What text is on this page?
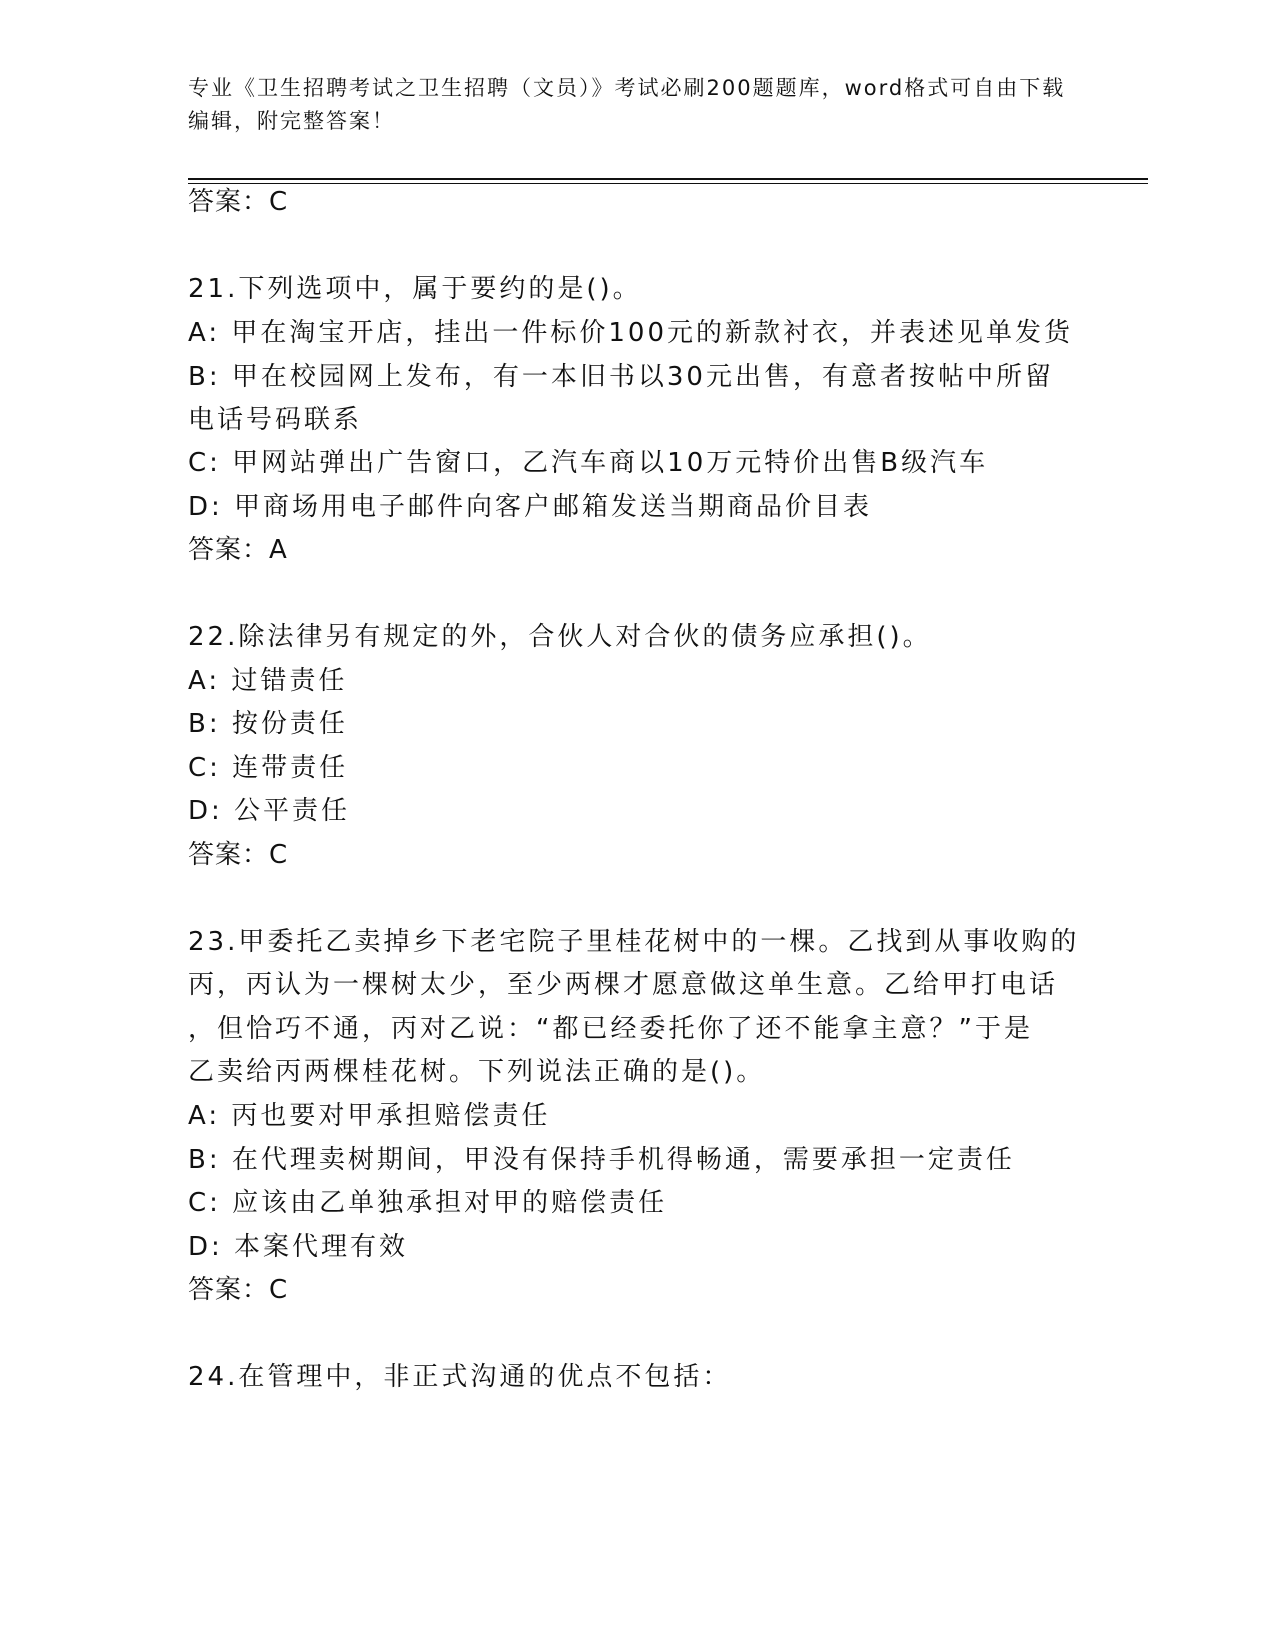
专业《卫生招聘考试之卫生招聘（文员）》考试必刷200题题库，word格式可自由下载编辑，附完整答案！
答案：C
21.下列选项中，属于要约的是()。
A: 甲在淘宝开店，挂出一件标价100元的新款衬衣，并表述见单发货
B: 甲在校园网上发布，有一本旧书以30元出售，有意者按帖中所留
电话号码联系
C: 甲网站弹出广告窗口，乙汽车商以10万元特价出售B级汽车
D: 甲商场用电子邮件向客户邮箱发送当期商品价目表
答案：A
22.除法律另有规定的外，合伙人对合伙的债务应承担()。
A: 过错责任
B: 按份责任
C: 连带责任
D: 公平责任
答案：C
23.甲委托乙卖掉乡下老宅院子里桂花树中的一棵。乙找到从事收购的
丙，丙认为一棵树太少，至少两棵才愿意做这单生意。乙给甲打电话
，但恰巧不通，丙对乙说：“都已经委托你了还不能拿主意？”于是
乙卖给丙两棵桂花树。下列说法正确的是()。
A: 丙也要对甲承担赔偿责任
B: 在代理卖树期间，甲没有保持手机得畅通，需要承担一定责任
C: 应该由乙单独承担对甲的赔偿责任
D: 本案代理有效
答案：C
24.在管理中，非正式沟通的优点不包括：
